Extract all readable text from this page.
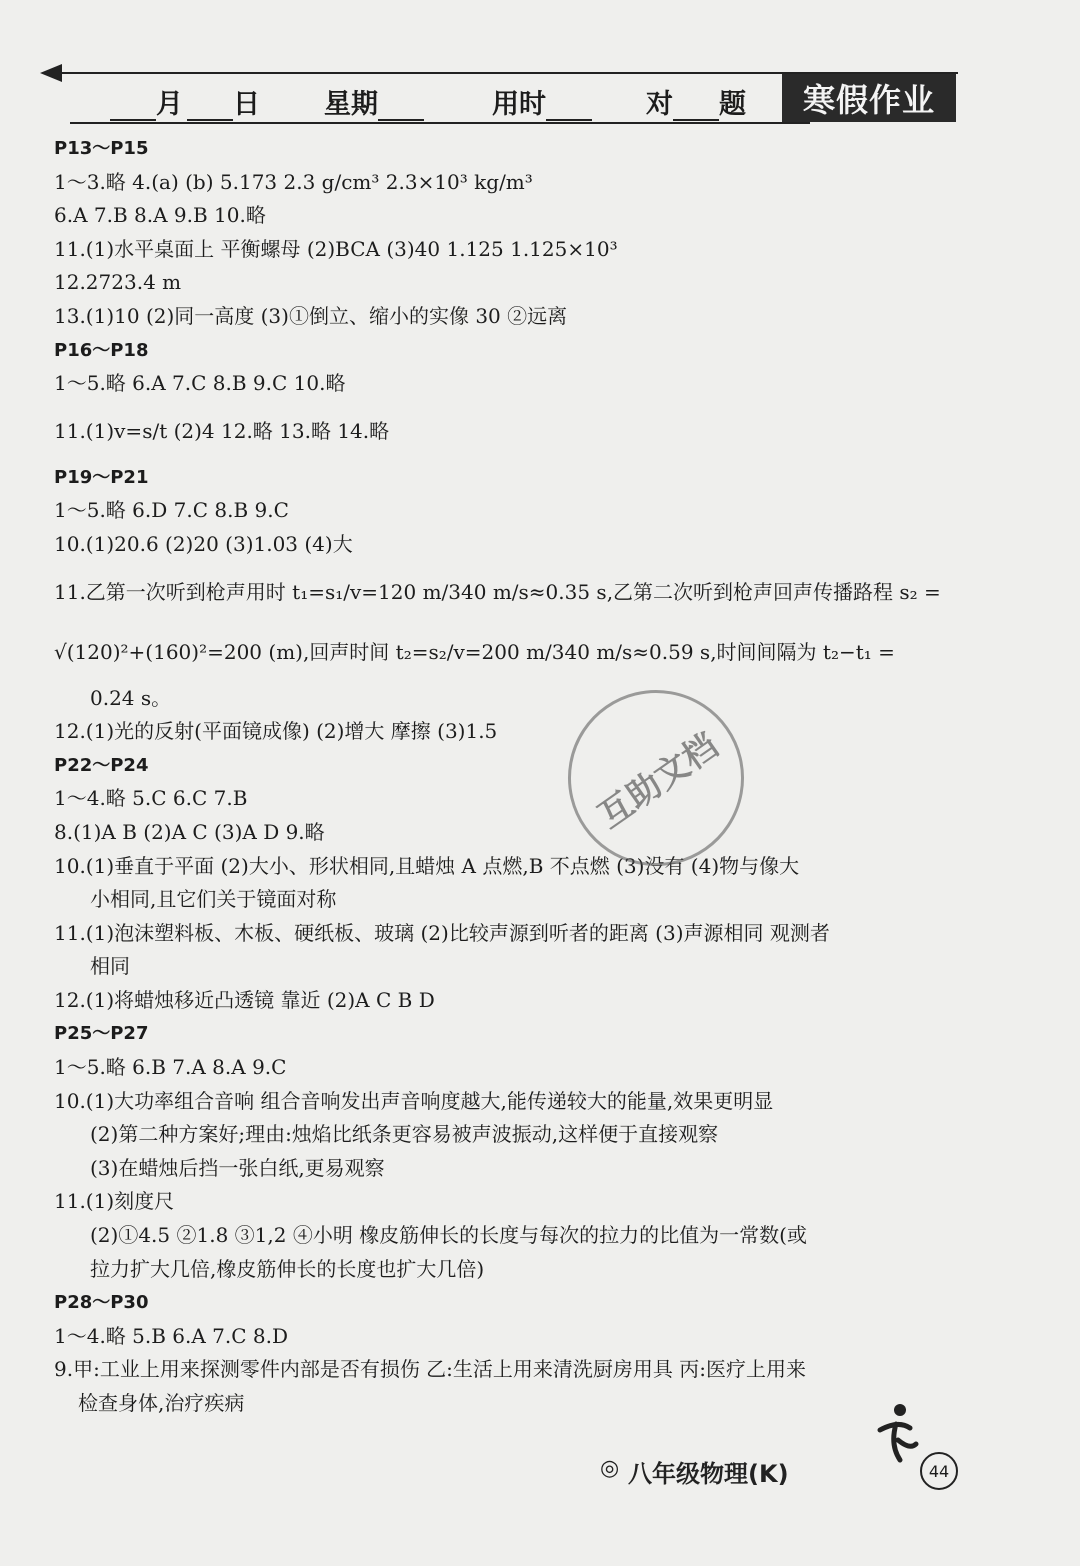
月 日 星期	用时	对 题	寒假作业
P13～P15
1～3.略 4.(a) (b) 5.173 2.3 g/cm³ 2.3×10³ kg/m³
6.A 7.B 8.A 9.B 10.略
11.(1)水平桌面上 平衡螺母 (2)BCA (3)40 1.125 1.125×10³
12.2723.4 m
13.(1)10 (2)同一高度 (3)①倒立、缩小的实像 30 ②远离
P16～P18
1～5.略 6.A 7.C 8.B 9.C 10.略
11.(1)v=s/t (2)4 12.略 13.略 14.略
P19～P21
1～5.略 6.D 7.C 8.B 9.C
10.(1)20.6 (2)20 (3)1.03 (4)大
11.乙第一次听到枪声用时 t₁=s₁/v=120 m/340 m/s≈0.35 s,乙第二次听到枪声回声传播路程 s₂ =
√(120)²+(160)²=200 (m),回声时间 t₂=s₂/v=200 m/340 m/s≈0.59 s,时间间隔为 t₂−t₁ =
0.24 s。
12.(1)光的反射(平面镜成像) (2)增大 摩擦 (3)1.5
P22～P24
1～4.略 5.C 6.C 7.B
8.(1)A B (2)A C (3)A D 9.略
10.(1)垂直于平面 (2)大小、形状相同,且蜡烛 A 点燃,B 不点燃 (3)没有 (4)物与像大
小相同,且它们关于镜面对称
11.(1)泡沫塑料板、木板、硬纸板、玻璃 (2)比较声源到听者的距离 (3)声源相同 观测者
相同
12.(1)将蜡烛移近凸透镜 靠近 (2)A C B D
P25～P27
1～5.略 6.B 7.A 8.A 9.C
10.(1)大功率组合音响 组合音响发出声音响度越大,能传递较大的能量,效果更明显
(2)第二种方案好;理由:烛焰比纸条更容易被声波振动,这样便于直接观察
(3)在蜡烛后挡一张白纸,更易观察
11.(1)刻度尺
(2)①4.5 ②1.8 ③1,2 ④小明 橡皮筋伸长的长度与每次的拉力的比值为一常数(或
拉力扩大几倍,橡皮筋伸长的长度也扩大几倍)
P28～P30
1～4.略 5.B 6.A 7.C 8.D
9.甲:工业上用来探测零件内部是否有损伤 乙:生活上用来清洗厨房用具 丙:医疗上用来
检查身体,治疗疾病
互助文档
◎ 八年级物理(K)	44
